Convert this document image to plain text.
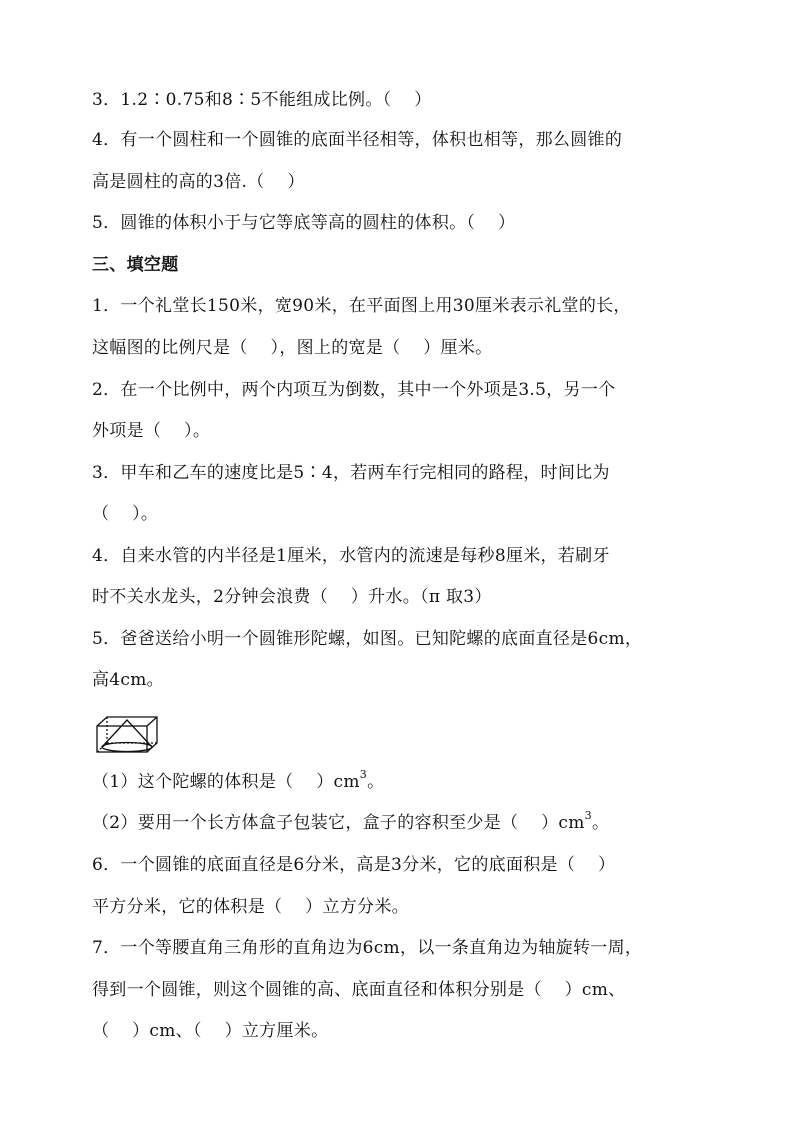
3．1.2∶0.75和8∶5不能组成比例。（    ）
4．有一个圆柱和一个圆锥的底面半径相等，体积也相等，那么圆锥的
高是圆柱的高的3倍.（    ）
5．圆锥的体积小于与它等底等高的圆柱的体积。（    ）
三、填空题
1．一个礼堂长150米，宽90米，在平面图上用30厘米表示礼堂的长，
这幅图的比例尺是（    ），图上的宽是（    ）厘米。
2．在一个比例中，两个内项互为倒数，其中一个外项是3.5，另一个
外项是（    ）。
3．甲车和乙车的速度比是5∶4，若两车行完相同的路程，时间比为
（    ）。
4．自来水管的内半径是1厘米，水管内的流速是每秒8厘米，若刷牙
时不关水龙头，2分钟会浪费（    ）升水。（π 取3）
5．爸爸送给小明一个圆锥形陀螺，如图。已知陀螺的底面直径是6cm，
高4cm。
（1）这个陀螺的体积是（    ）$cm^3$。
（2）要用一个长方体盒子包装它，盒子的容积至少是（    ）$cm^3$。
6．一个圆锥的底面直径是6分米，高是3分米，它的底面积是（    ）
平方分米，它的体积是（    ）立方分米。
7．一个等腰直角三角形的直角边为6cm，以一条直角边为轴旋转一周，
得到一个圆锥，则这个圆锥的高、底面直径和体积分别是（    ）cm、
（    ）cm、（    ）立方厘米。
